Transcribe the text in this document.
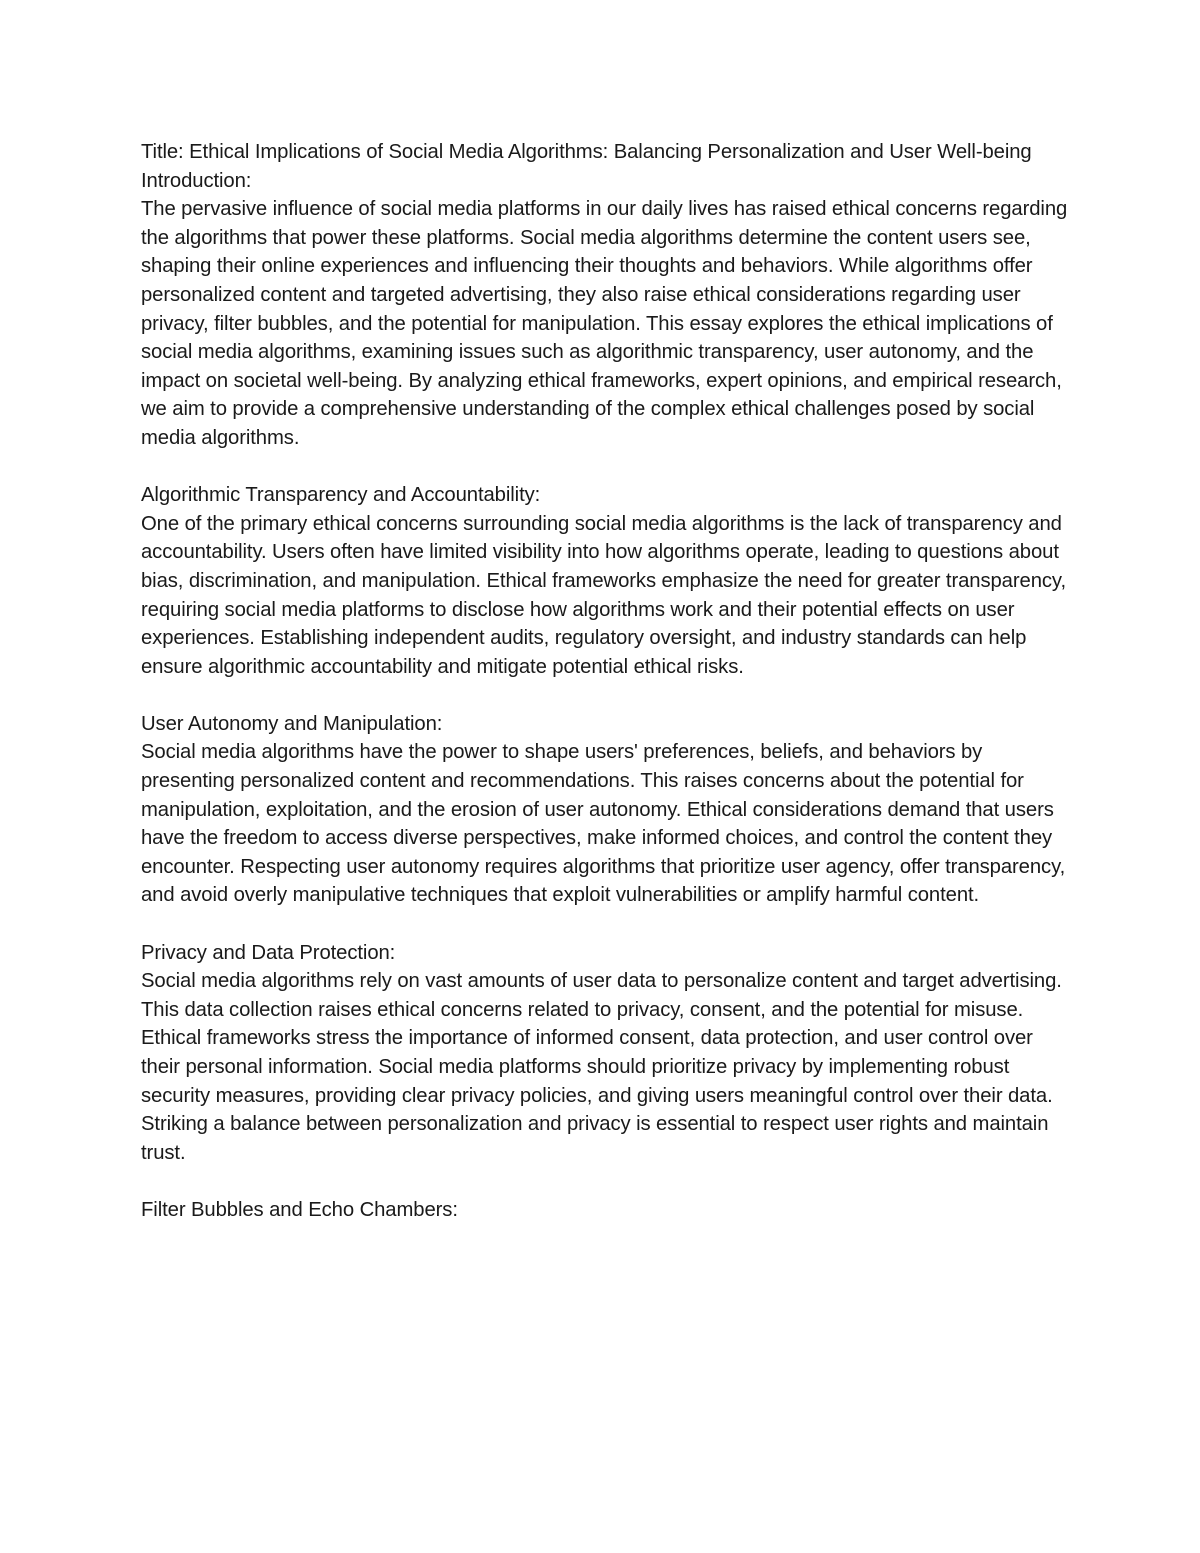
Title: Ethical Implications of Social Media Algorithms: Balancing Personalization and User Well-being

Introduction:

The pervasive influence of social media platforms in our daily lives has raised ethical concerns regarding the algorithms that power these platforms. Social media algorithms determine the content users see, shaping their online experiences and influencing their thoughts and behaviors. While algorithms offer personalized content and targeted advertising, they also raise ethical considerations regarding user privacy, filter bubbles, and the potential for manipulation. This essay explores the ethical implications of social media algorithms, examining issues such as algorithmic transparency, user autonomy, and the impact on societal well-being. By analyzing ethical frameworks, expert opinions, and empirical research, we aim to provide a comprehensive understanding of the complex ethical challenges posed by social media algorithms.

Algorithmic Transparency and Accountability:

One of the primary ethical concerns surrounding social media algorithms is the lack of transparency and accountability. Users often have limited visibility into how algorithms operate, leading to questions about bias, discrimination, and manipulation. Ethical frameworks emphasize the need for greater transparency, requiring social media platforms to disclose how algorithms work and their potential effects on user experiences. Establishing independent audits, regulatory oversight, and industry standards can help ensure algorithmic accountability and mitigate potential ethical risks.

User Autonomy and Manipulation:

Social media algorithms have the power to shape users' preferences, beliefs, and behaviors by presenting personalized content and recommendations. This raises concerns about the potential for manipulation, exploitation, and the erosion of user autonomy. Ethical considerations demand that users have the freedom to access diverse perspectives, make informed choices, and control the content they encounter. Respecting user autonomy requires algorithms that prioritize user agency, offer transparency, and avoid overly manipulative techniques that exploit vulnerabilities or amplify harmful content.

Privacy and Data Protection:

Social media algorithms rely on vast amounts of user data to personalize content and target advertising. This data collection raises ethical concerns related to privacy, consent, and the potential for misuse. Ethical frameworks stress the importance of informed consent, data protection, and user control over their personal information. Social media platforms should prioritize privacy by implementing robust security measures, providing clear privacy policies, and giving users meaningful control over their data. Striking a balance between personalization and privacy is essential to respect user rights and maintain trust.

Filter Bubbles and Echo Chambers:
